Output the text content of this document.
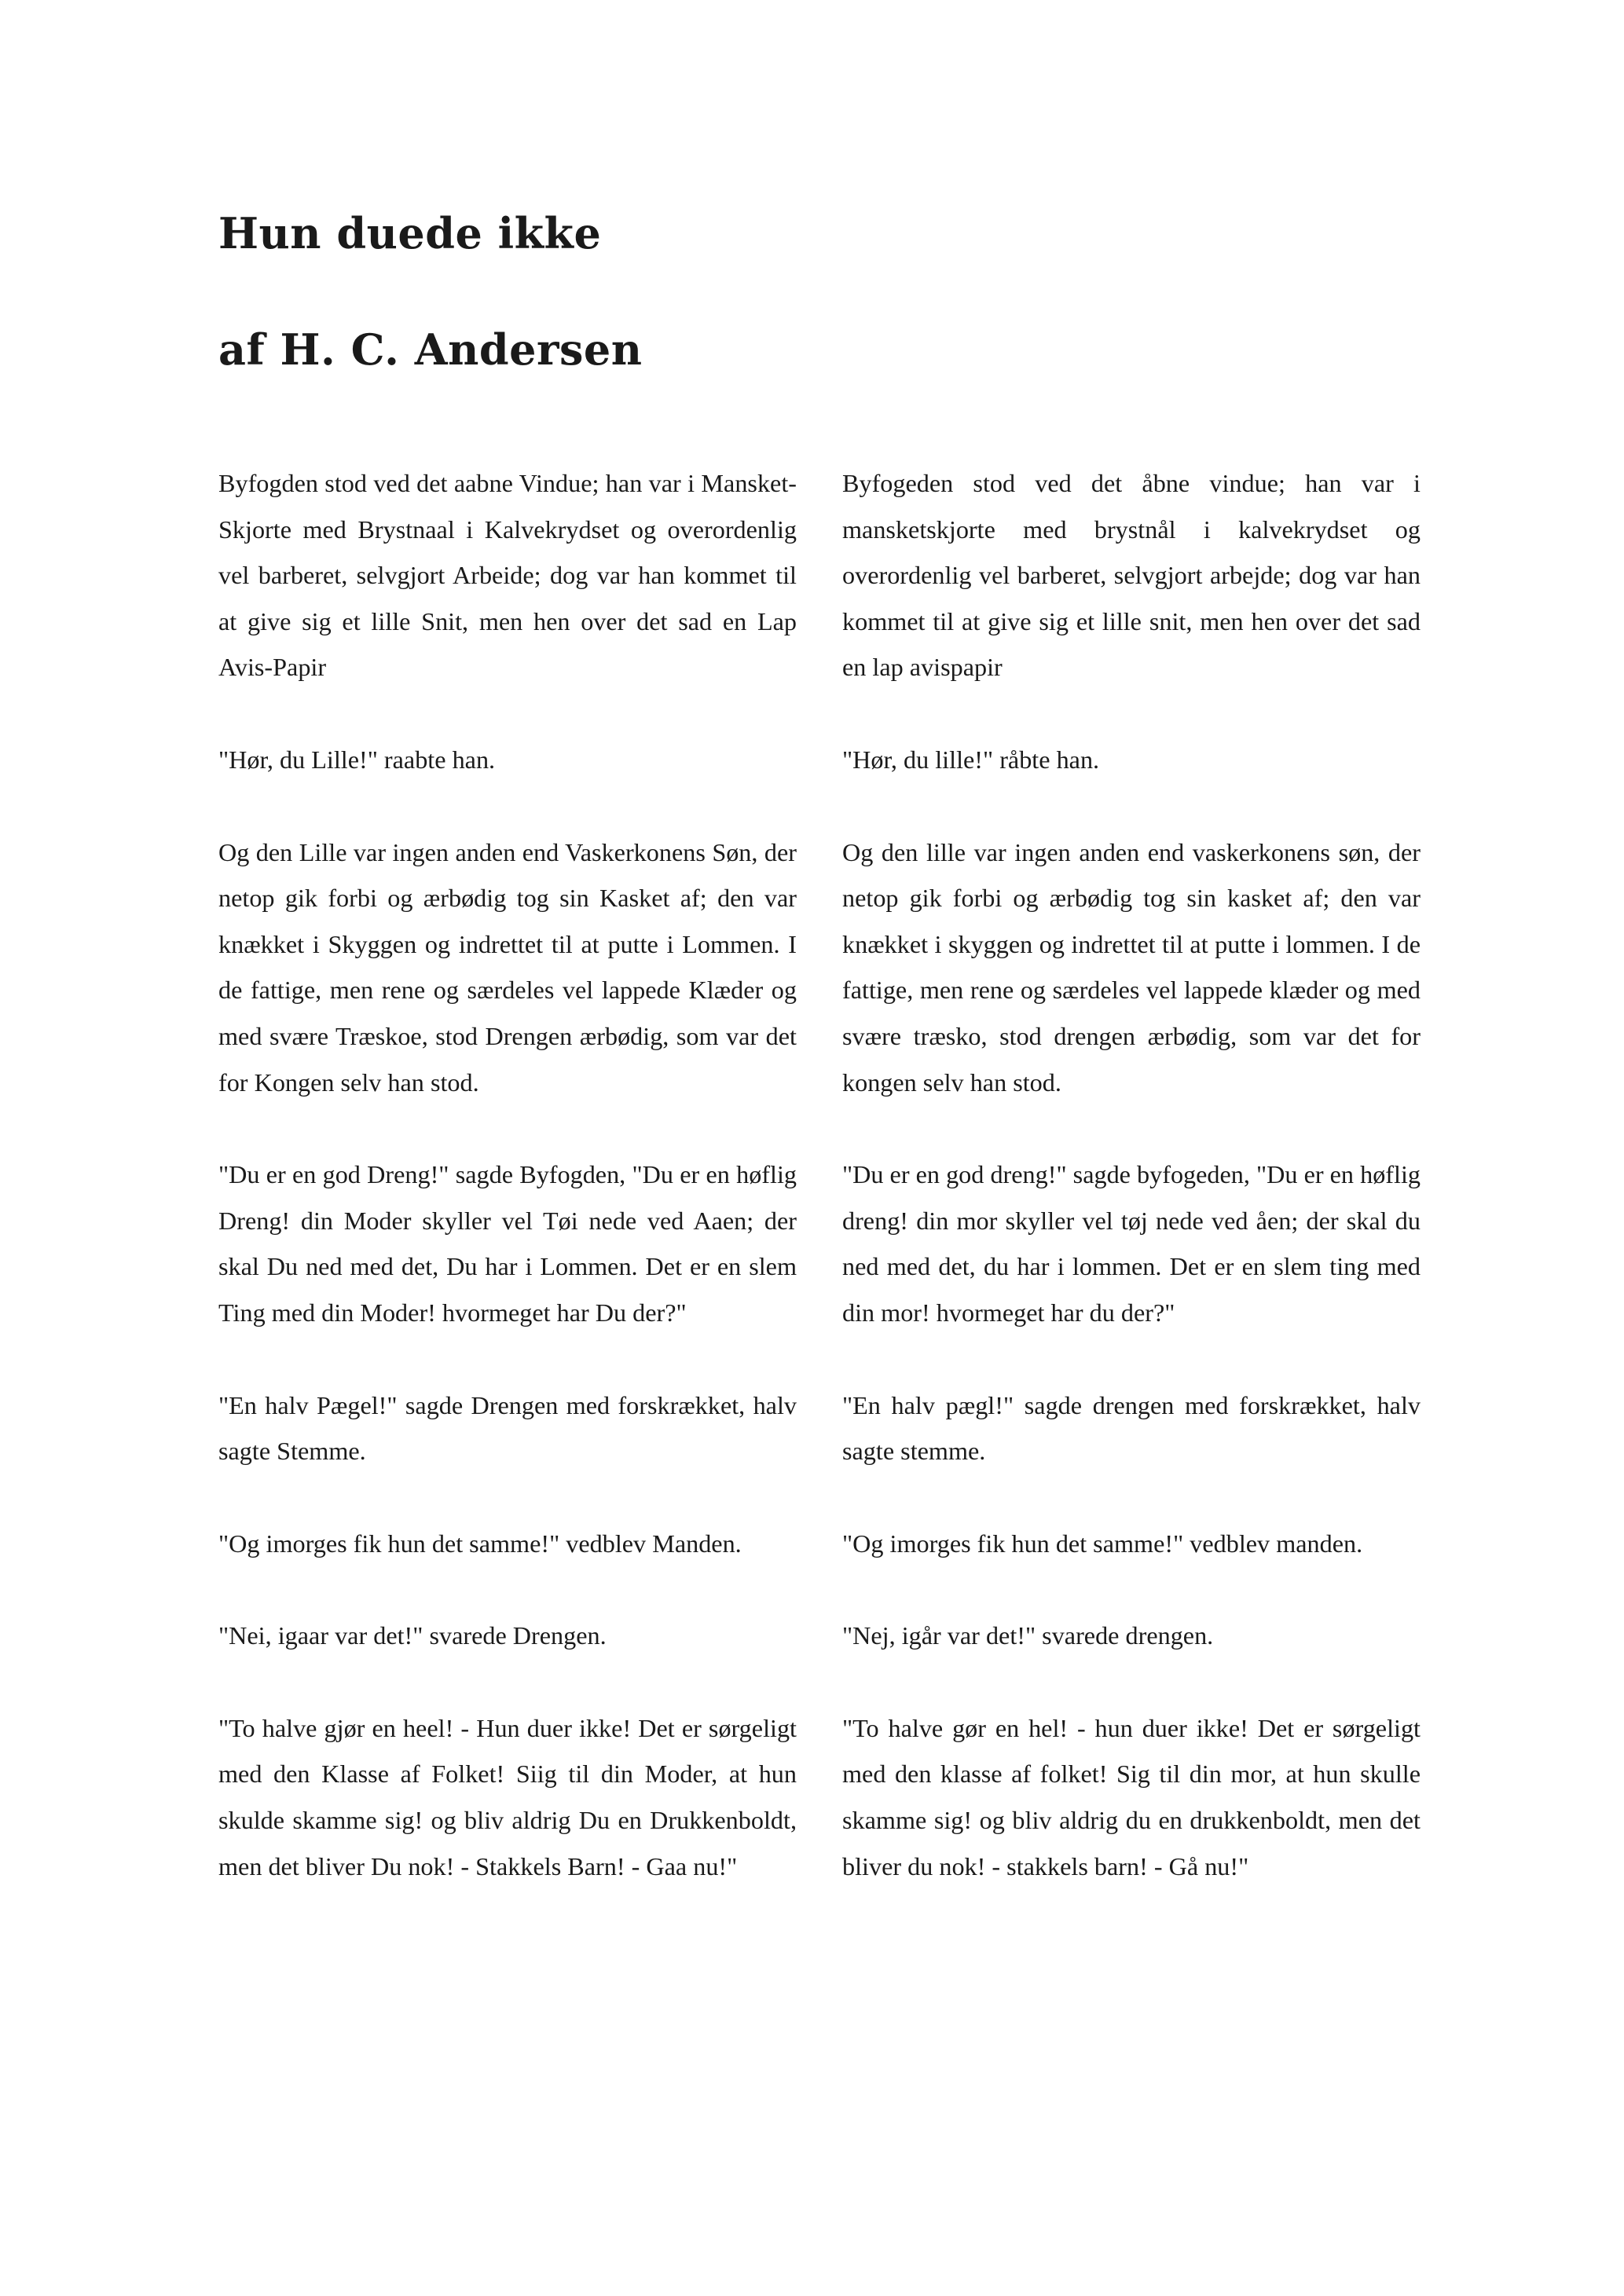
Hun duede ikke
af H. C. Andersen

Byfogden stod ved det aabne Vindue; han var i Mansket-Skjorte med Brystnaal i Kalvekrydset og overordenlig vel barberet, selvgjort Arbeide; dog var han kommet til at give sig et lille Snit, men hen over det sad en Lap Avis-Papir

"Hør, du Lille!" raabte han.

Og den Lille var ingen anden end Vaskerkonens Søn, der netop gik forbi og ærbødig tog sin Kasket af; den var knækket i Skyggen og indrettet til at putte i Lommen. I de fattige, men rene og særdeles vel lappede Klæder og med svære Træskoe, stod Drengen ærbødig, som var det for Kongen selv han stod.

"Du er en god Dreng!" sagde Byfogden, "Du er en høflig Dreng! din Moder skyller vel Tøi nede ved Aaen; der skal Du ned med det, Du har i Lommen. Det er en slem Ting med din Moder! hvormeget har Du der?"

"En halv Pægel!" sagde Drengen med forskrækket, halv sagte Stemme.

"Og imorges fik hun det samme!" vedblev Manden.

"Nei, igaar var det!" svarede Drengen.

"To halve gjør en heel! - Hun duer ikke! Det er sørgeligt med den Klasse af Folket! Siig til din Moder, at hun skulde skamme sig! og bliv aldrig Du en Drukkenboldt, men det bliver Du nok! - Stakkels Barn! - Gaa nu!"

Byfogeden stod ved det åbne vindue; han var i mansketskjorte med brystnål i kalvekrydset og overordenlig vel barberet, selvgjort arbejde; dog var han kommet til at give sig et lille snit, men hen over det sad en lap avispapir

"Hør, du lille!" råbte han.

Og den lille var ingen anden end vaskerkonens søn, der netop gik forbi og ærbødig tog sin kasket af; den var knækket i skyggen og indrettet til at putte i lommen. I de fattige, men rene og særdeles vel lappede klæder og med svære træsko, stod drengen ærbødig, som var det for kongen selv han stod.

"Du er en god dreng!" sagde byfogeden, "Du er en høflig dreng! din mor skyller vel tøj nede ved åen; der skal du ned med det, du har i lommen. Det er en slem ting med din mor! hvormeget har du der?"

"En halv pægl!" sagde drengen med forskrækket, halv sagte stemme.

"Og imorges fik hun det samme!" vedblev manden.

"Nej, igår var det!" svarede drengen.

"To halve gør en hel! - hun duer ikke! Det er sørgeligt med den klasse af folket! Sig til din mor, at hun skulle skamme sig! og bliv aldrig du en drukkenboldt, men det bliver du nok! - stakkels barn! - Gå nu!"
